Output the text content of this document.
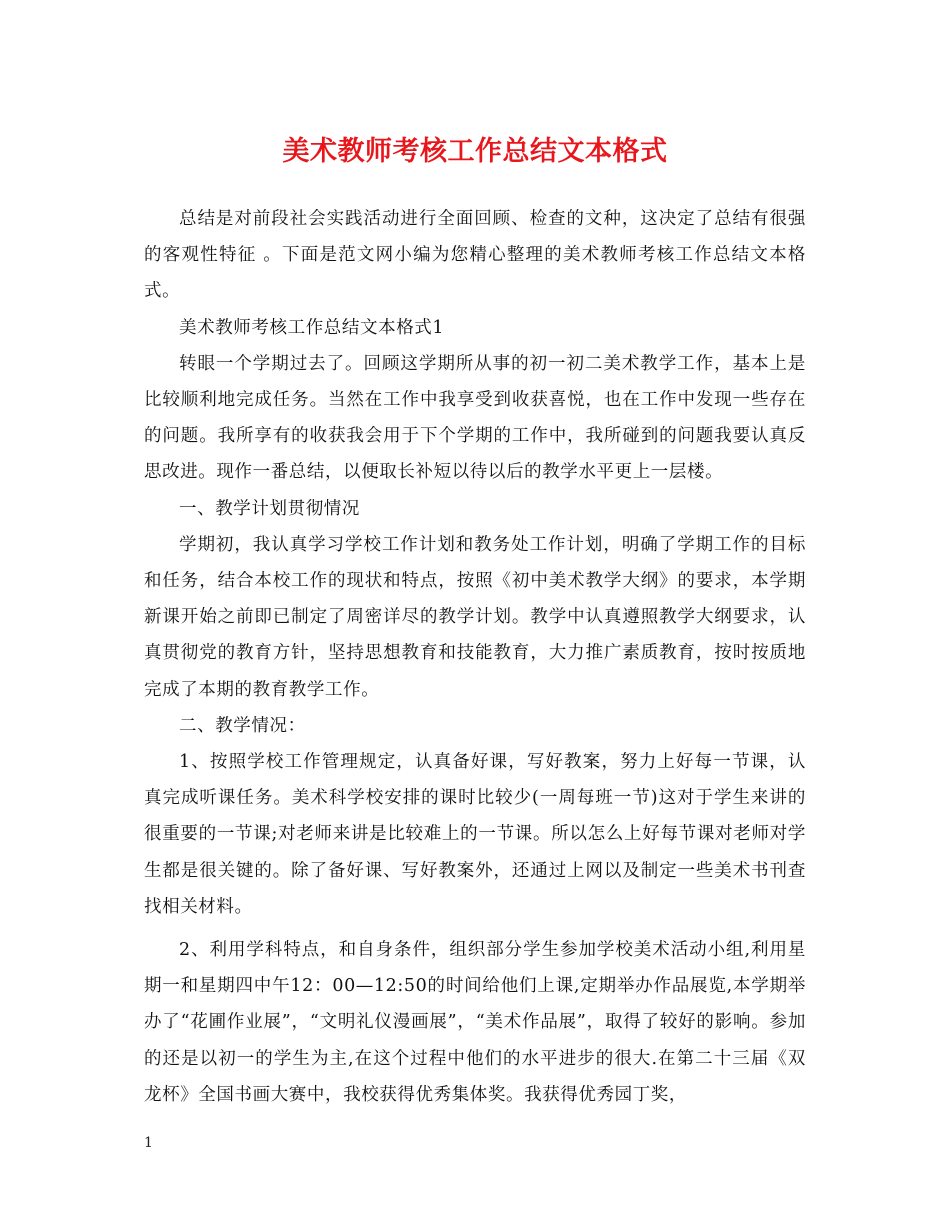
美术教师考核工作总结文本格式

总结是对前段社会实践活动进行全面回顾、检查的文种，这决定了总结有很强的客观性特征 。下面是范文网小编为您精心整理的美术教师考核工作总结文本格式。

美术教师考核工作总结文本格式1

转眼一个学期过去了。回顾这学期所从事的初一初二美术教学工作，基本上是比较顺利地完成任务。当然在工作中我享受到收获喜悦，也在工作中发现一些存在的问题。我所享有的收获我会用于下个学期的工作中，我所碰到的问题我要认真反思改进。现作一番总结，以便取长补短以待以后的教学水平更上一层楼。

一、教学计划贯彻情况

学期初，我认真学习学校工作计划和教务处工作计划，明确了学期工作的目标和任务，结合本校工作的现状和特点，按照《初中美术教学大纲》的要求，本学期新课开始之前即已制定了周密详尽的教学计划。教学中认真遵照教学大纲要求，认真贯彻党的教育方针，坚持思想教育和技能教育，大力推广素质教育，按时按质地完成了本期的教育教学工作。

二、教学情况：

1、按照学校工作管理规定，认真备好课，写好教案，努力上好每一节课，认真完成听课任务。美术科学校安排的课时比较少(一周每班一节)这对于学生来讲的很重要的一节课;对老师来讲是比较难上的一节课。所以怎么上好每节课对老师对学生都是很关键的。除了备好课、写好教案外，还通过上网以及制定一些美术书刊查找相关材料。

2、利用学科特点，和自身条件，组织部分学生参加学校美术活动小组,利用星期一和星期四中午12：00—12:50的时间给他们上课,定期举办作品展览,本学期举办了“花圃作业展”，“文明礼仪漫画展”，“美术作品展”，取得了较好的影响。参加的还是以初一的学生为主,在这个过程中他们的水平进步的很大.在第二十三届《双龙杯》全国书画大赛中，我校获得优秀集体奖。我获得优秀园丁奖，

1
